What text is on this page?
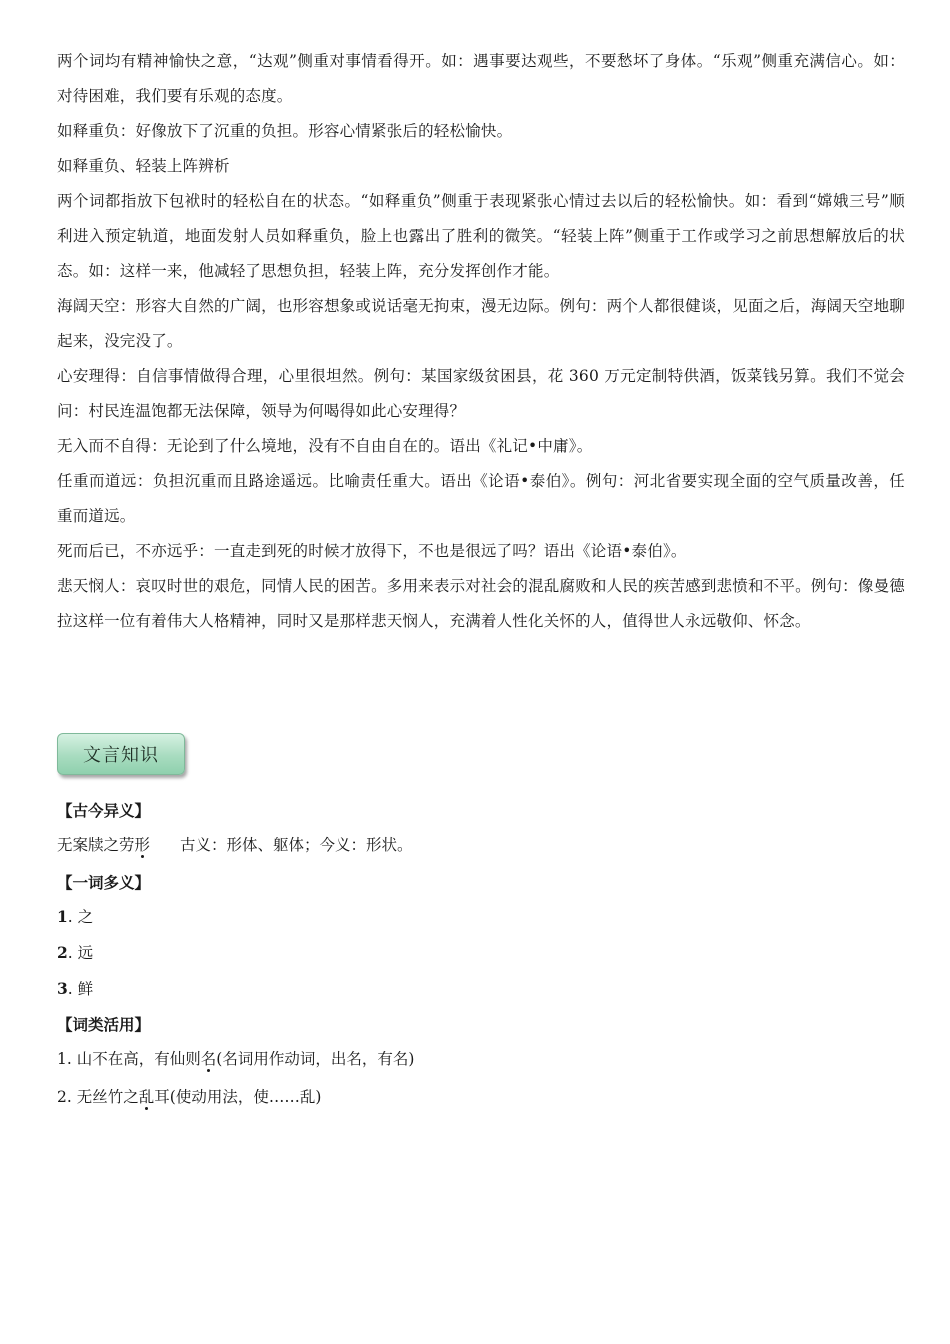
两个词均有精神愉快之意，“达观”侧重对事情看得开。如：遇事要达观些，不要愁坏了身体。“乐观”侧重充满信心。如：对待困难，我们要有乐观的态度。

如释重负：好像放下了沉重的负担。形容心情紧张后的轻松愉快。

如释重负、轻装上阵辨析

两个词都指放下包袱时的轻松自在的状态。“如释重负”侧重于表现紧张心情过去以后的轻松愉快。如：看到“嫦娥三号”顺利进入预定轨道，地面发射人员如释重负，脸上也露出了胜利的微笑。“轻装上阵”侧重于工作或学习之前思想解放后的状态。如：这样一来，他减轻了思想负担，轻装上阵，充分发挥创作才能。

海阔天空：形容大自然的广阔，也形容想象或说话毫无拘束，漫无边际。例句：两个人都很健谈，见面之后，海阔天空地聊起来，没完没了。

心安理得：自信事情做得合理，心里很坦然。例句：某国家级贫困县，花 360 万元定制特供酒，饭菜钱另算。我们不觉会问：村民连温饱都无法保障，领导为何喝得如此心安理得？

无入而不自得：无论到了什么境地，没有不自由自在的。语出《礼记•中庸》。

任重而道远：负担沉重而且路途遥远。比喻责任重大。语出《论语•泰伯》。例句：河北省要实现全面的空气质量改善，任重而道远。

死而后已，不亦远乎：一直走到死的时候才放得下，不也是很远了吗？语出《论语•泰伯》。

悲天悯人：哀叹时世的艰危，同情人民的困苦。多用来表示对社会的混乱腐败和人民的疾苦感到悲愤和不平。例句：像曼德拉这样一位有着伟大人格精神，同时又是那样悲天悯人，充满着人性化关怀的人，值得世人永远敬仰、怀念。

文言知识

【古今异义】

无案牍之劳形 古义：形体、躯体；今义：形状。

【一词多义】

1. 之

2. 远

3. 鲜

【词类活用】

1. 山不在高，有仙则名(名词用作动词，出名，有名)

2. 无丝竹之乱耳(使动用法，使……乱)
